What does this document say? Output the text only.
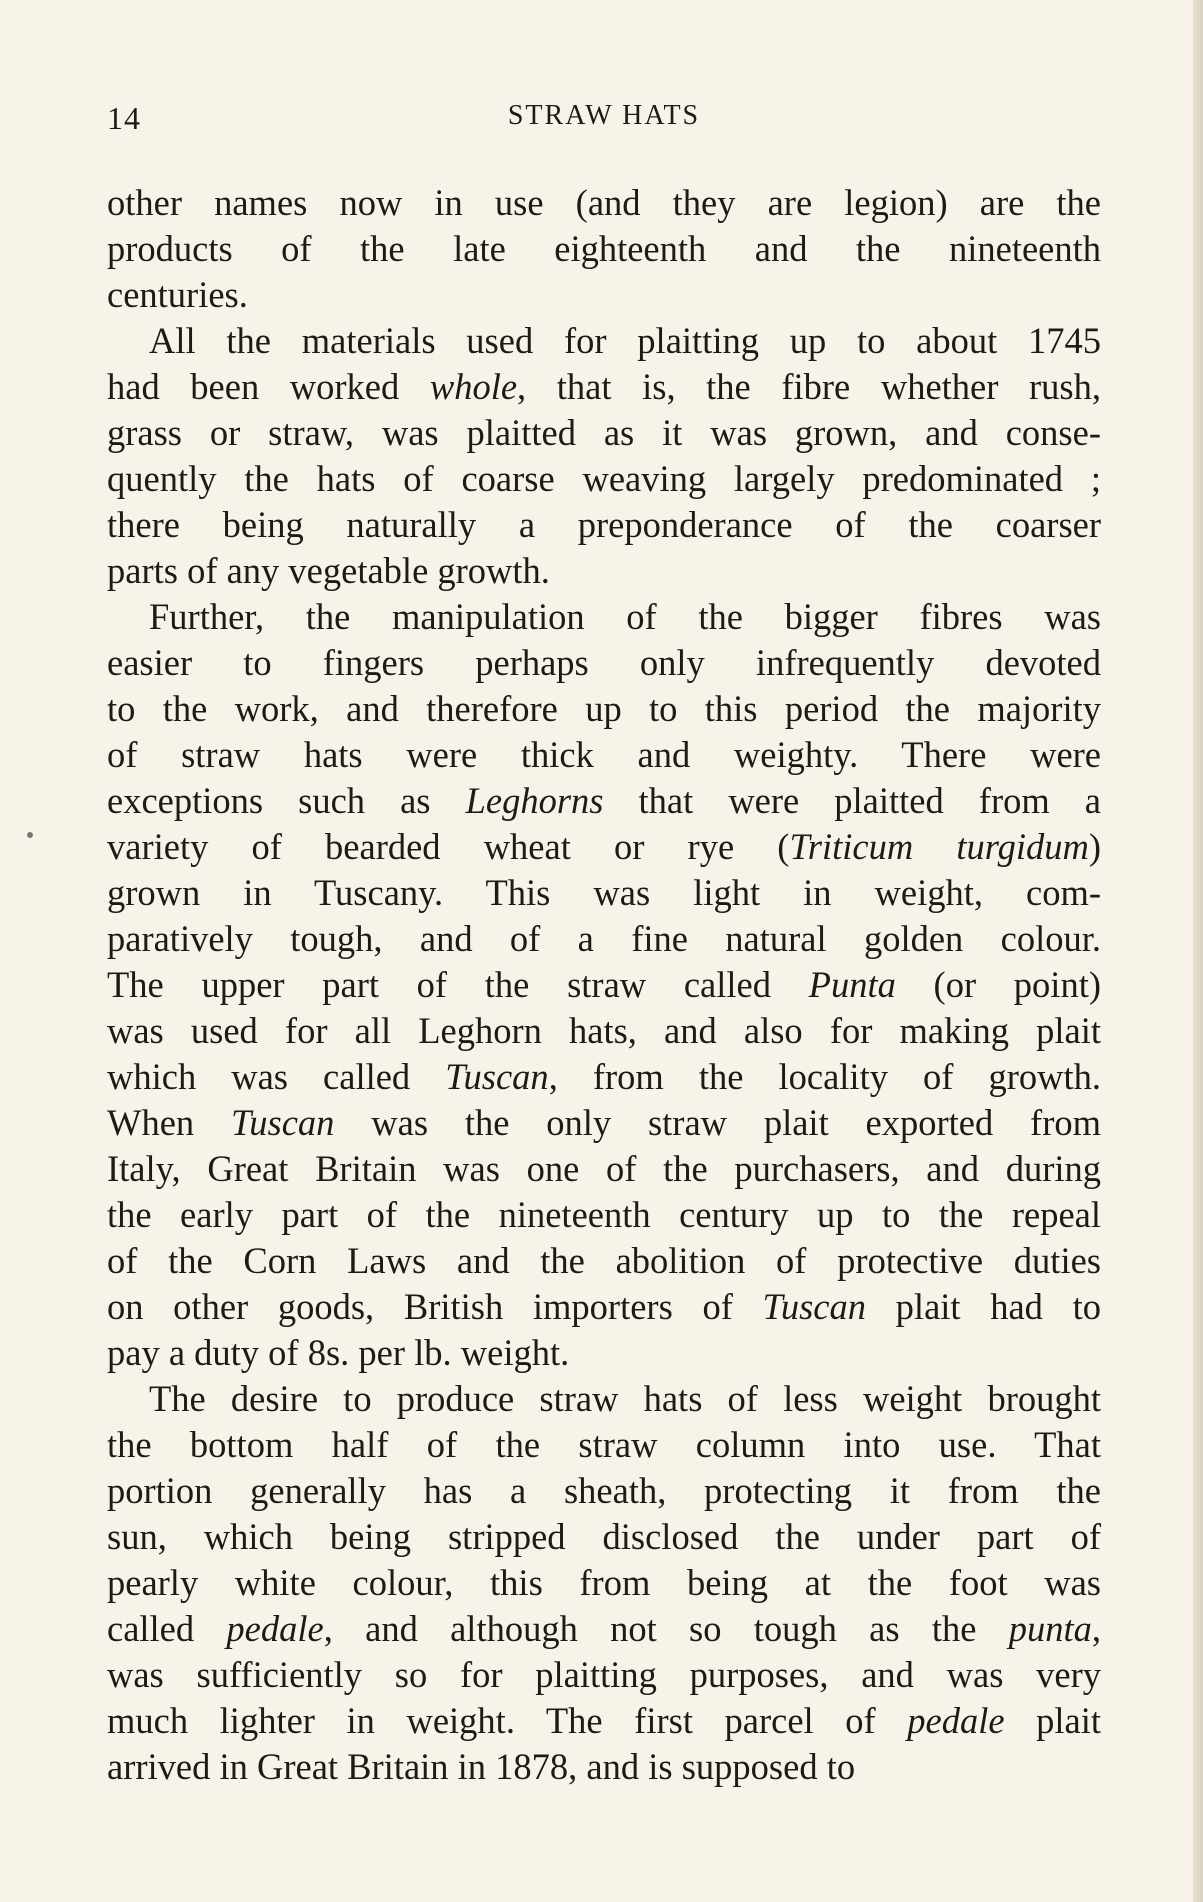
14	STRAW HATS

other names now in use (and they are legion) are the

products of the late eighteenth and the nineteenth

centuries.

All the materials used for plaitting up to about 1745

had been worked whole, that is, the fibre whether rush,

grass or straw, was plaitted as it was grown, and conse-

quently the hats of coarse weaving largely predominated ;

there being naturally a preponderance of the coarser

parts of any vegetable growth.

Further, the manipulation of the bigger fibres was

easier to fingers perhaps only infrequently devoted

to the work, and therefore up to this period the majority

of straw hats were thick and weighty. There were

exceptions such as Leghorns that were plaitted from a

variety of bearded wheat or rye (Triticum turgidum)

grown in Tuscany. This was light in weight, com-

paratively tough, and of a fine natural golden colour.

The upper part of the straw called Punta (or point)

was used for all Leghorn hats, and also for making plait

which was called Tuscan, from the locality of growth.

When Tuscan was the only straw plait exported from

Italy, Great Britain was one of the purchasers, and during

the early part of the nineteenth century up to the repeal

of the Corn Laws and the abolition of protective duties

on other goods, British importers of Tuscan plait had to

pay a duty of 8s. per lb. weight.

The desire to produce straw hats of less weight brought

the bottom half of the straw column into use. That

portion generally has a sheath, protecting it from the

sun, which being stripped disclosed the under part of

pearly white colour, this from being at the foot was

called pedale, and although not so tough as the punta,

was sufficiently so for plaitting purposes, and was very

much lighter in weight. The first parcel of pedale plait

arrived in Great Britain in 1878, and is supposed to
